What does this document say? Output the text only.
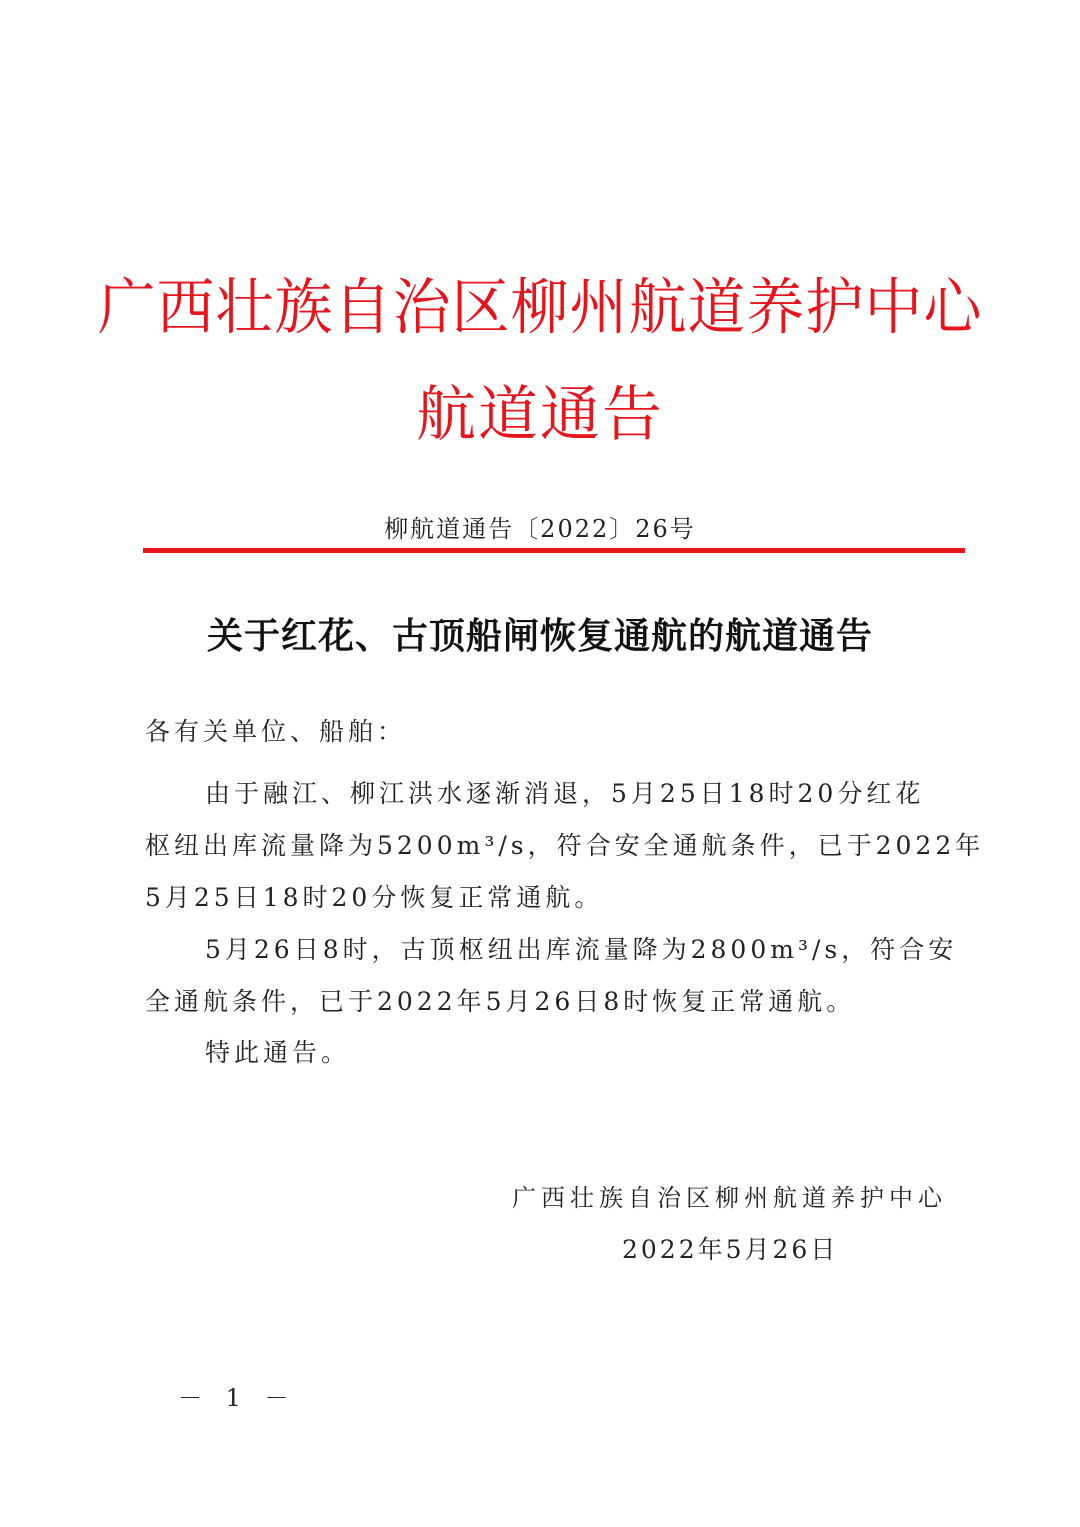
广西壮族自治区柳州航道养护中心
航道通告
柳航道通告〔2022〕26号
关于红花、古顶船闸恢复通航的航道通告
各有关单位、船舶：
由于融江、柳江洪水逐渐消退，5月25日18时20分红花
枢纽出库流量降为5200m³/s，符合安全通航条件，已于2022年
5月25日18时20分恢复正常通航。
5月26日8时，古顶枢纽出库流量降为2800m³/s，符合安
全通航条件，已于2022年5月26日8时恢复正常通航。
特此通告。
广西壮族自治区柳州航道养护中心
2022年5月26日
－ 1 －
